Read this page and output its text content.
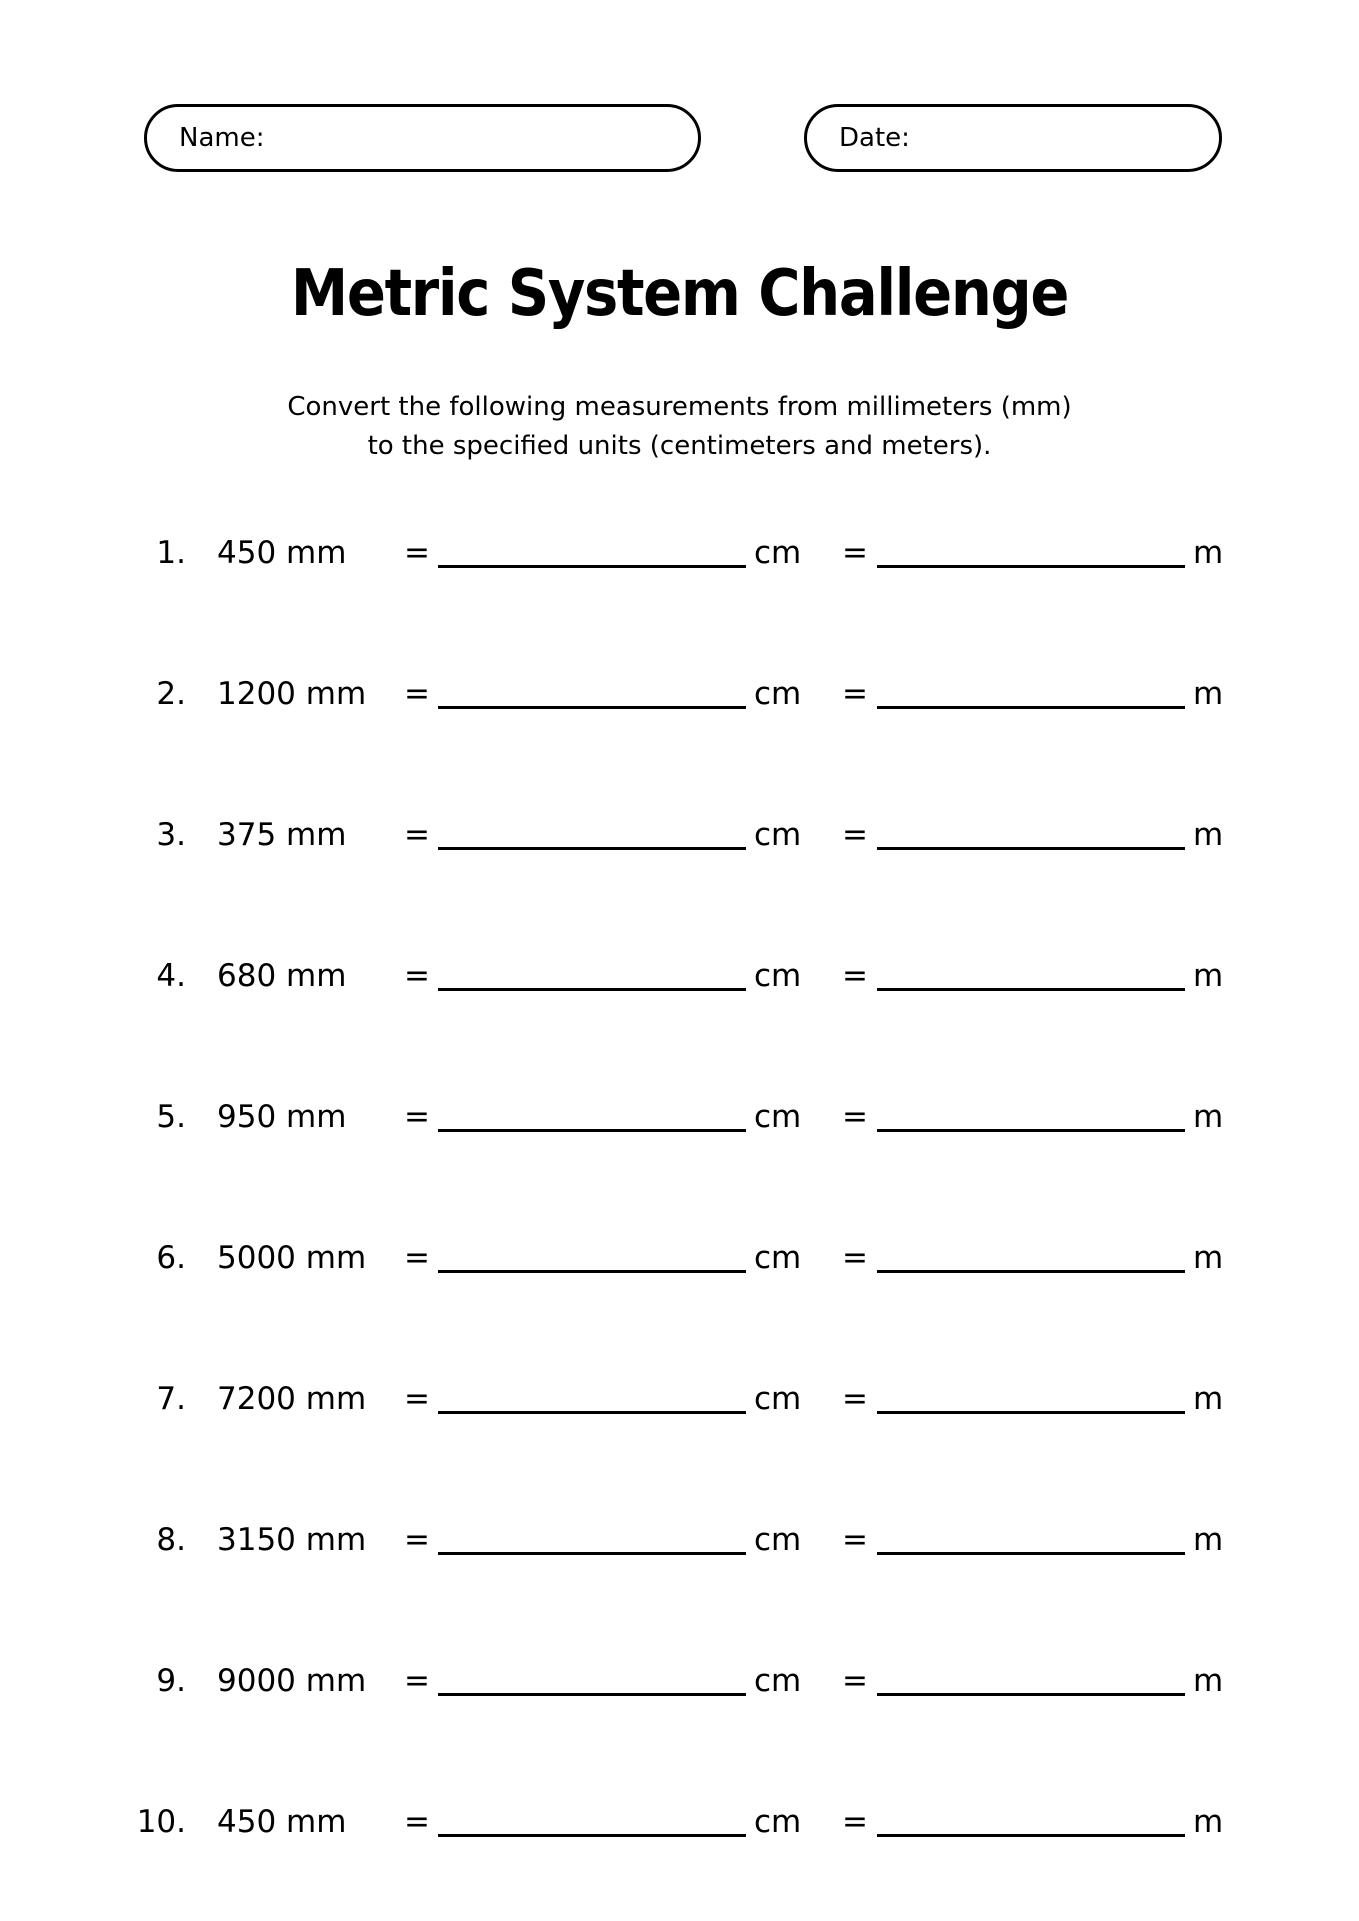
Name:	Date:
Metric System Challenge
Convert the following measurements from millimeters (mm)
to the specified units (centimeters and meters).
1. 450 mm =	cm =	m
2. 1200 mm =	cm =	m
3. 375 mm =	cm =	m
4. 680 mm =	cm =	m
5. 950 mm =	cm =	m
6. 5000 mm =	cm =	m
7. 7200 mm =	cm =	m
8. 3150 mm =	cm =	m
9. 9000 mm =	cm =	m
10. 450 mm =	cm =	m
